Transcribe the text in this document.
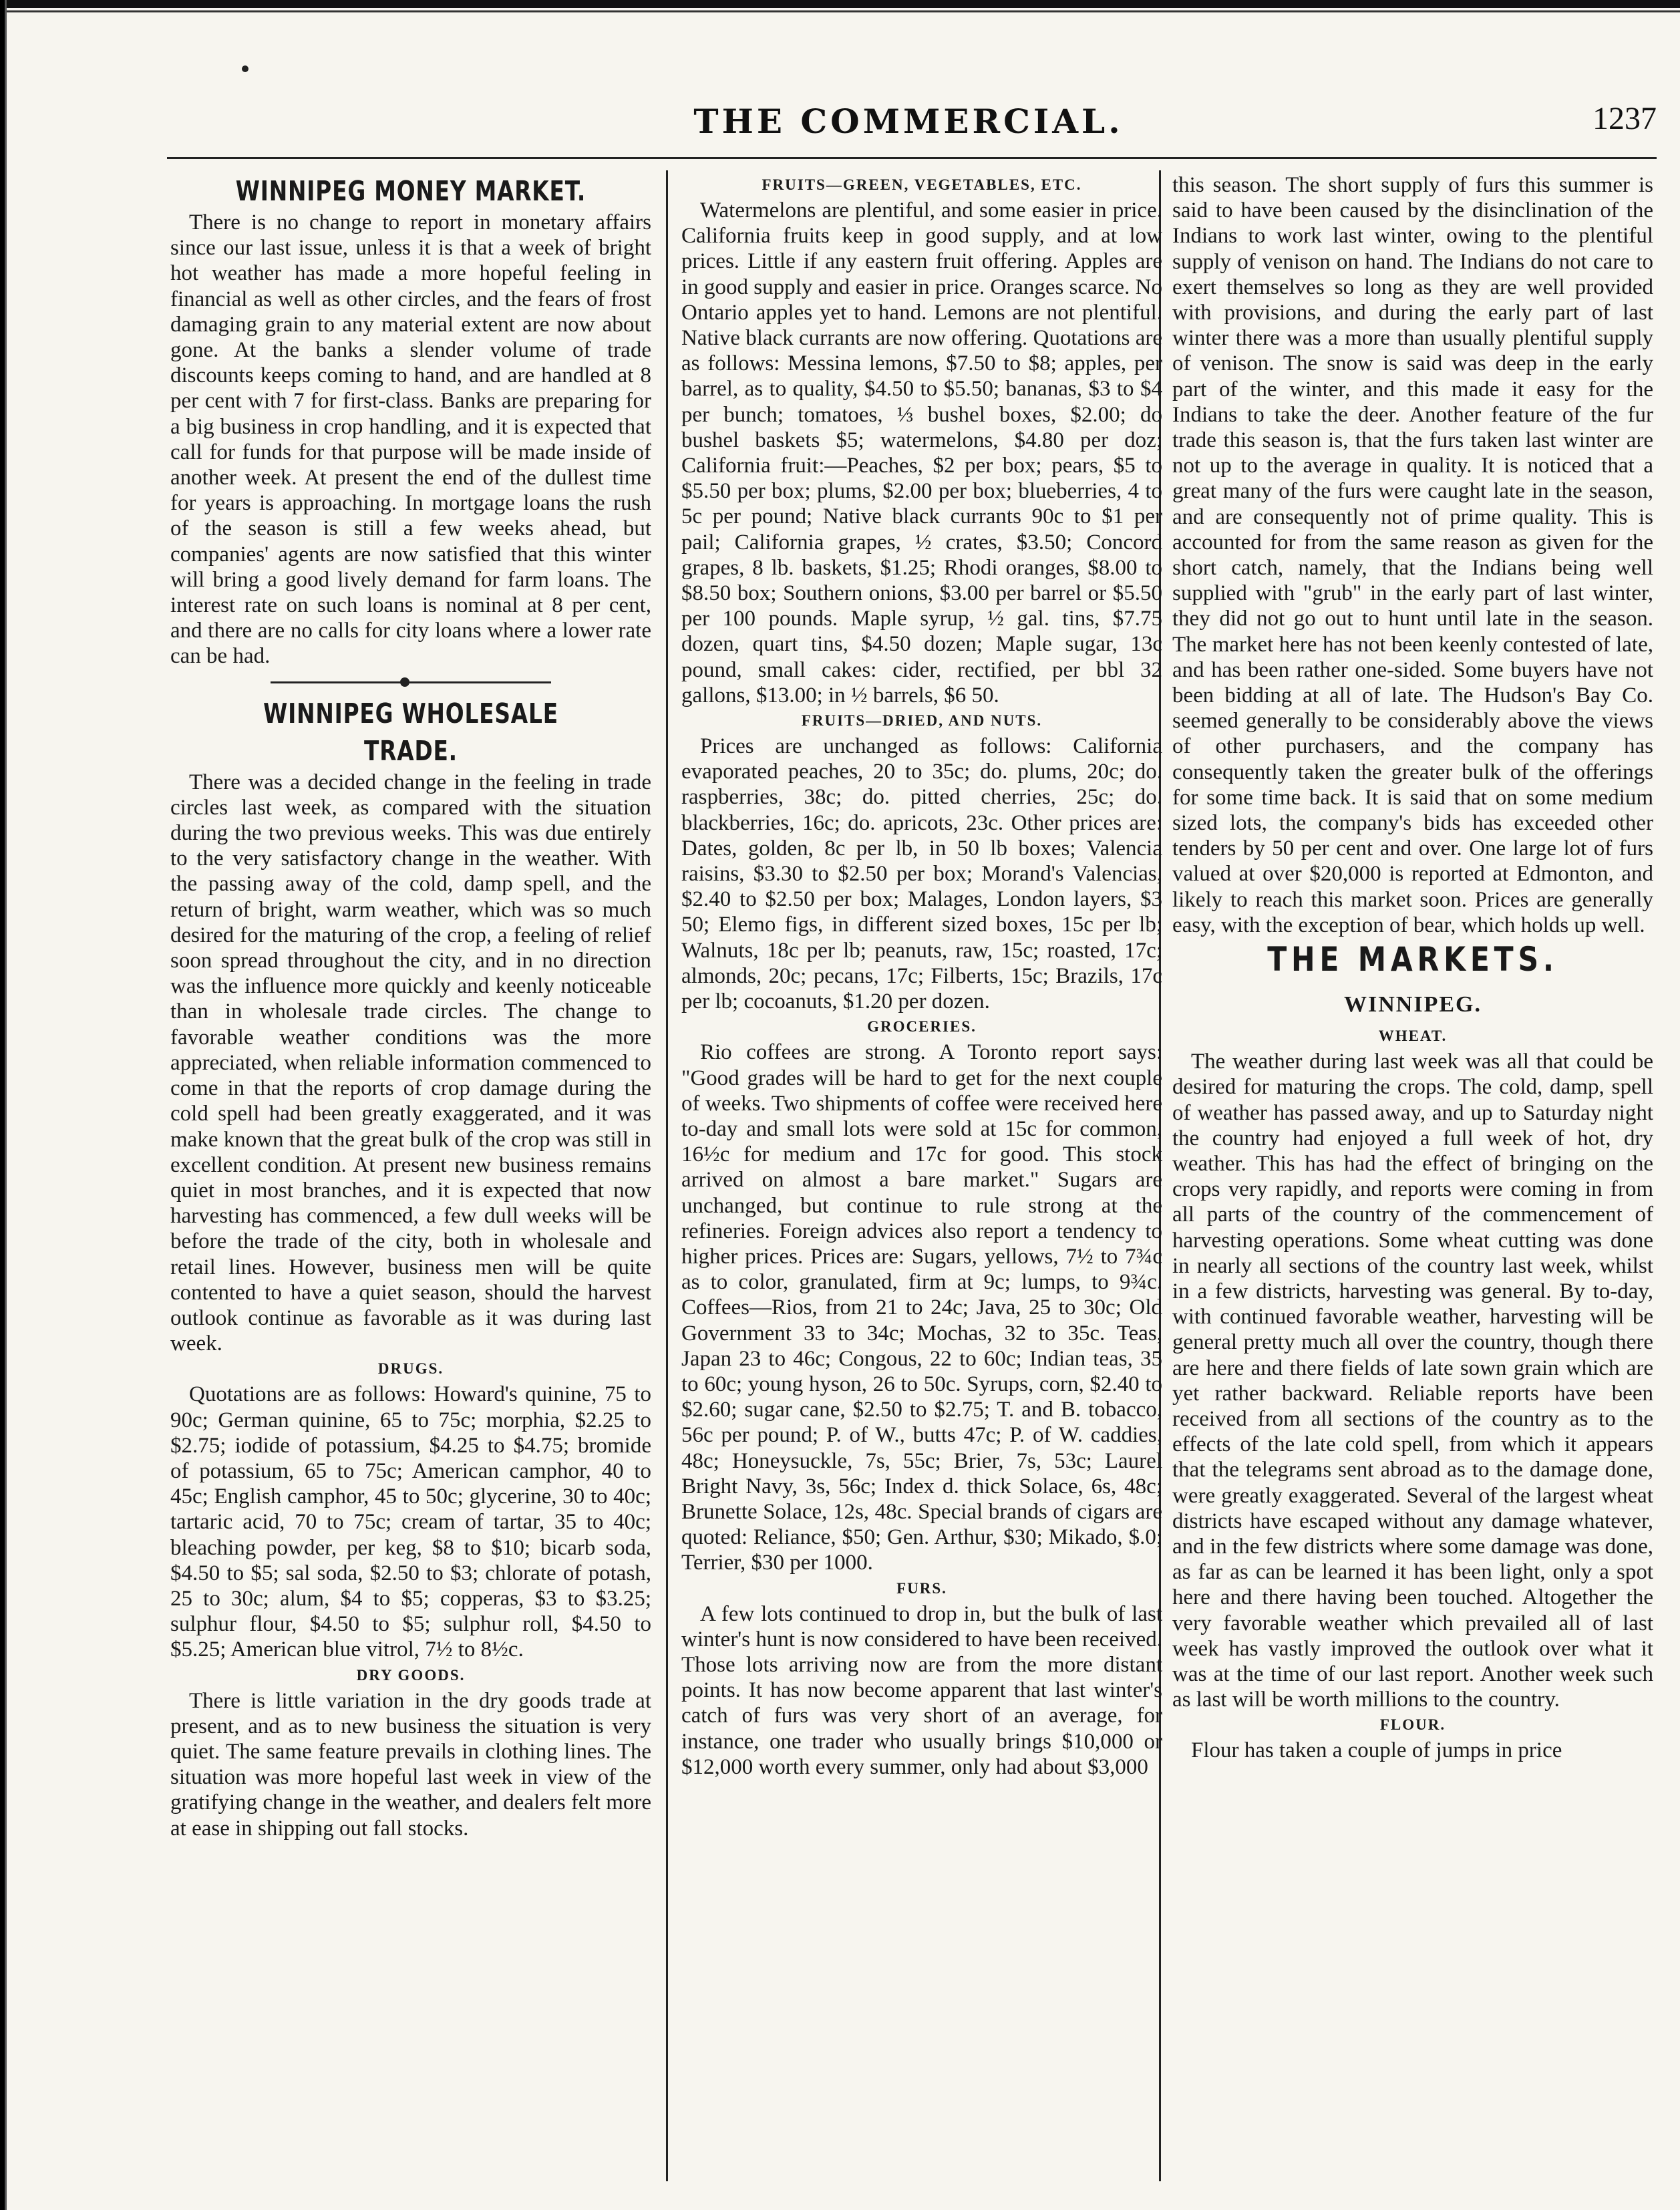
THE COMMERCIAL.	1237
WINNIPEG MONEY MARKET.

There is no change to report in monetary affairs since our last issue, unless it is that a week of bright hot weather has made a more hopeful feeling in financial as well as other circles, and the fears of frost damaging grain to any material extent are now about gone. At the banks a slender volume of trade discounts keeps coming to hand, and are handled at 8 per cent with 7 for first-class. Banks are preparing for a big business in crop handling, and it is expected that call for funds for that purpose will be made inside of another week. At present the end of the dullest time for years is approaching. In mortgage loans the rush of the season is still a few weeks ahead, but companies' agents are now satisfied that this winter will bring a good lively demand for farm loans. The interest rate on such loans is nominal at 8 per cent, and there are no calls for city loans where a lower rate can be had.

WINNIPEG WHOLESALE TRADE.

There was a decided change in the feeling in trade circles last week, as compared with the situation during the two previous weeks. This was due entirely to the very satisfactory change in the weather. With the passing away of the cold, damp spell, and the return of bright, warm weather, which was so much desired for the maturing of the crop, a feeling of relief soon spread throughout the city, and in no direction was the influence more quickly and keenly noticeable than in wholesale trade circles. The change to favorable weather conditions was the more appreciated, when reliable information commenced to come in that the reports of crop damage during the cold spell had been greatly exaggerated, and it was make known that the great bulk of the crop was still in excellent condition. At present new business remains quiet in most branches, and it is expected that now harvesting has commenced, a few dull weeks will be before the trade of the city, both in wholesale and retail lines. However, business men will be quite contented to have a quiet season, should the harvest outlook continue as favorable as it was during last week.

DRUGS.

Quotations are as follows: Howard's quinine, 75 to 90c; German quinine, 65 to 75c; morphia, $2.25 to $2.75; iodide of potassium, $4.25 to $4.75; bromide of potassium, 65 to 75c; American camphor, 40 to 45c; English camphor, 45 to 50c; glycerine, 30 to 40c; tartaric acid, 70 to 75c; cream of tartar, 35 to 40c; bleaching powder, per keg, $8 to $10; bicarb soda, $4.50 to $5; sal soda, $2.50 to $3; chlorate of potash, 25 to 30c; alum, $4 to $5; copperas, $3 to $3.25; sulphur flour, $4.50 to $5; sulphur roll, $4.50 to $5.25; American blue vitrol, 7½ to 8½c.

DRY GOODS.

There is little variation in the dry goods trade at present, and as to new business the situation is very quiet. The same feature prevails in clothing lines. The situation was more hopeful last week in view of the gratifying change in the weather, and dealers felt more at ease in shipping out fall stocks.

FRUITS—GREEN, VEGETABLES, ETC.

Watermelons are plentiful, and some easier in price. California fruits keep in good supply, and at low prices. Little if any eastern fruit offering. Apples are in good supply and easier in price. Oranges scarce. No Ontario apples yet to hand. Lemons are not plentiful. Native black currants are now offering. Quotations are as follows: Messina lemons, $7.50 to $8; apples, per barrel, as to quality, $4.50 to $5.50; bananas, $3 to $4 per bunch; tomatoes, ⅓ bushel boxes, $2.00; do bushel baskets $5; watermelons, $4.80 per doz; California fruit:—Peaches, $2 per box; pears, $5 to $5.50 per box; plums, $2.00 per box; blueberries, 4 to 5c per pound; Native black currants 90c to $1 per pail; California grapes, ½ crates, $3.50; Concord grapes, 8 lb. baskets, $1.25; Rhodi oranges, $8.00 to $8.50 box; Southern onions, $3.00 per barrel or $5.50 per 100 pounds. Maple syrup, ½ gal. tins, $7.75 dozen, quart tins, $4.50 dozen; Maple sugar, 13c pound, small cakes: cider, rectified, per bbl 32 gallons, $13.00; in ½ barrels, $6 50.

FRUITS—DRIED, AND NUTS.

Prices are unchanged as follows: California evaporated peaches, 20 to 35c; do. plums, 20c; do. raspberries, 38c; do. pitted cherries, 25c; do. blackberries, 16c; do. apricots, 23c. Other prices are: Dates, golden, 8c per lb, in 50 lb boxes; Valencia raisins, $3.30 to $2.50 per box; Morand's Valencias, $2.40 to $2.50 per box; Malages, London layers, $3 50; Elemo figs, in different sized boxes, 15c per lb; Walnuts, 18c per lb; peanuts, raw, 15c; roasted, 17c; almonds, 20c; pecans, 17c; Filberts, 15c; Brazils, 17c per lb; cocoanuts, $1.20 per dozen.

GROCERIES.

Rio coffees are strong. A Toronto report says: "Good grades will be hard to get for the next couple of weeks. Two shipments of coffee were received here to-day and small lots were sold at 15c for common, 16½c for medium and 17c for good. This stock arrived on almost a bare market." Sugars are unchanged, but continue to rule strong at the refineries. Foreign advices also report a tendency to higher prices. Prices are: Sugars, yellows, 7½ to 7¾c as to color, granulated, firm at 9c; lumps, to 9¾c. Coffees—Rios, from 21 to 24c; Java, 25 to 30c; Old Government 33 to 34c; Mochas, 32 to 35c. Teas, Japan 23 to 46c; Congous, 22 to 60c; Indian teas, 35 to 60c; young hyson, 26 to 50c. Syrups, corn, $2.40 to $2.60; sugar cane, $2.50 to $2.75; T. and B. tobacco, 56c per pound; P. of W., butts 47c; P. of W. caddies, 48c; Honeysuckle, 7s, 55c; Brier, 7s, 53c; Laurel Bright Navy, 3s, 56c; Index d. thick Solace, 6s, 48c; Brunette Solace, 12s, 48c. Special brands of cigars are quoted: Reliance, $50; Gen. Arthur, $30; Mikado, $.0; Terrier, $30 per 1000.

FURS.

A few lots continued to drop in, but the bulk of last winter's hunt is now considered to have been received. Those lots arriving now are from the more distant points. It has now become apparent that last winter's catch of furs was very short of an average, for instance, one trader who usually brings $10,000 or $12,000 worth every summer, only had about $3,000

this season. The short supply of furs this summer is said to have been caused by the disinclination of the Indians to work last winter, owing to the plentiful supply of venison on hand. The Indians do not care to exert themselves so long as they are well provided with provisions, and during the early part of last winter there was a more than usually plentiful supply of venison. The snow is said was deep in the early part of the winter, and this made it easy for the Indians to take the deer. Another feature of the fur trade this season is, that the furs taken last winter are not up to the average in quality. It is noticed that a great many of the furs were caught late in the season, and are consequently not of prime quality. This is accounted for from the same reason as given for the short catch, namely, that the Indians being well supplied with "grub" in the early part of last winter, they did not go out to hunt until late in the season. The market here has not been keenly contested of late, and has been rather one-sided. Some buyers have not been bidding at all of late. The Hudson's Bay Co. seemed generally to be considerably above the views of other purchasers, and the company has consequently taken the greater bulk of the offerings for some time back. It is said that on some medium sized lots, the company's bids has exceeded other tenders by 50 per cent and over. One large lot of furs valued at over $20,000 is reported at Edmonton, and likely to reach this market soon. Prices are generally easy, with the exception of bear, which holds up well.

THE MARKETS.
WINNIPEG.
WHEAT.

The weather during last week was all that could be desired for maturing the crops. The cold, damp, spell of weather has passed away, and up to Saturday night the country had enjoyed a full week of hot, dry weather. This has had the effect of bringing on the crops very rapidly, and reports were coming in from all parts of the country of the commencement of harvesting operations. Some wheat cutting was done in nearly all sections of the country last week, whilst in a few districts, harvesting was general. By to-day, with continued favorable weather, harvesting will be general pretty much all over the country, though there are here and there fields of late sown grain which are yet rather backward. Reliable reports have been received from all sections of the country as to the effects of the late cold spell, from which it appears that the telegrams sent abroad as to the damage done, were greatly exaggerated. Several of the largest wheat districts have escaped without any damage whatever, and in the few districts where some damage was done, as far as can be learned it has been light, only a spot here and there having been touched. Altogether the very favorable weather which prevailed all of last week has vastly improved the outlook over what it was at the time of our last report. Another week such as last will be worth millions to the country.

FLOUR.

Flour has taken a couple of jumps in price
